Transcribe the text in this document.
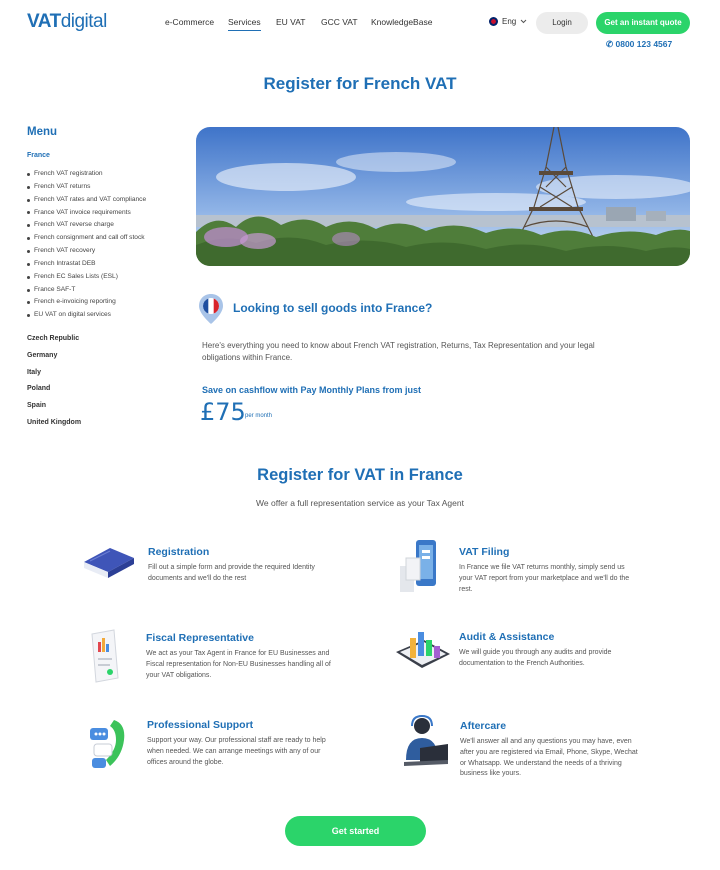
VATdigital	e-Commerce Services EU VAT GCC VAT KnowledgeBase	Eng	Login	Get an instant quote
✆ 0800 123 4567
Register for French VAT
Menu
France
French VAT registration
French VAT returns
French VAT rates and VAT compliance
France VAT invoice requirements
French VAT reverse charge
French consignment and call off stock
French VAT recovery
French Intrastat DEB
French EC Sales Lists (ESL)
France SAF-T
French e-invoicing reporting
EU VAT on digital services
Czech Republic
Germany
Italy
Poland
Spain
United Kingdom
Looking to sell goods into France?
Here's everything you need to know about French VAT registration, Returns, Tax Representation and your legal obligations within France.
Save on cashflow with Pay Monthly Plans from just
£75 per month
Register for VAT in France
We offer a full representation service as your Tax Agent
Registration
Fill out a simple form and provide the required Identity documents and we'll do the rest
VAT Filing
In France we file VAT returns monthly, simply send us your VAT report from your marketplace and we'll do the rest.
Fiscal Representative
We act as your Tax Agent in France for EU Businesses and Fiscal representation for Non-EU Businesses handling all of your VAT obligations.
Audit & Assistance
We will guide you through any audits and provide documentation to the French Authorities.
Professional Support
Support your way. Our professional staff are ready to help when needed. We can arrange meetings with any of our offices around the globe.
Aftercare
We'll answer all and any questions you may have, even after you are registered via Email, Phone, Skype, Wechat or Whatsapp. We understand the needs of a thriving business like yours.
Get started
